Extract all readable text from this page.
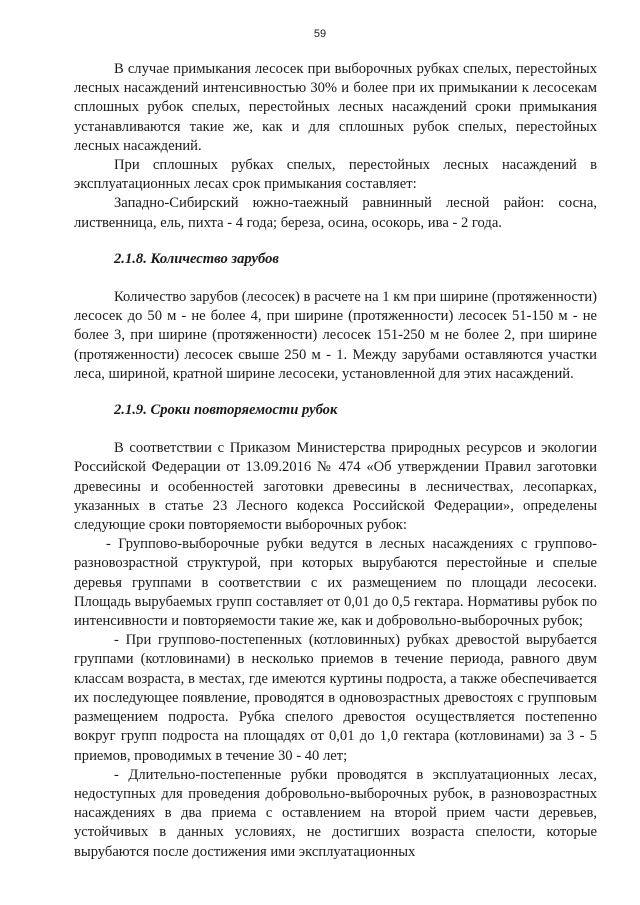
59

В случае примыкания лесосек при выборочных рубках спелых, перестойных лесных насаждений интенсивностью 30% и более при их примыкании к лесосекам сплошных рубок спелых, перестойных лесных насаждений сроки примыкания устанавливаются такие же, как и для сплошных рубок спелых, перестойных лесных насаждений.

При сплошных рубках спелых, перестойных лесных насаждений в эксплуатационных лесах срок примыкания составляет:

Западно-Сибирский южно-таежный равнинный лесной район: сосна, лиственница, ель, пихта - 4 года; береза, осина, осокорь, ива - 2 года.

2.1.8. Количество зарубов

Количество зарубов (лесосек) в расчете на 1 км при ширине (протяженности) лесосек до 50 м - не более 4, при ширине (протяженности) лесосек 51-150 м - не более 3, при ширине (протяженности) лесосек 151-250 м не более 2, при ширине (протяженности) лесосек свыше 250 м - 1. Между зарубами оставляются участки леса, шириной, кратной ширине лесосеки, установленной для этих насаждений.

2.1.9. Сроки повторяемости рубок

В соответствии с Приказом Министерства природных ресурсов и экологии Российской Федерации от 13.09.2016 № 474 «Об утверждении Правил заготовки древесины и особенностей заготовки древесины в лесничествах, лесопарках, указанных в статье 23 Лесного кодекса Российской Федерации», определены следующие сроки повторяемости выборочных рубок:

- Групповo-выборочные рубки ведутся в лесных насаждениях с групповo-разновозрастной структурой, при которых вырубаются перестойные и спелые деревья группами в соответствии с их размещением по площади лесосеки. Площадь вырубаемых групп составляет от 0,01 до 0,5 гектара. Нормативы рубок по интенсивности и повторяемости такие же, как и добровольно-выборочных рубок;

- При группово-постепенных (котловинных) рубках древостой вырубается группами (котловинами) в несколько приемов в течение периода, равного двум классам возраста, в местах, где имеются куртины подроста, а также обеспечивается их последующее появление, проводятся в одновозрастных древостоях с групповым размещением подроста. Рубка спелого древостоя осуществляется постепенно вокруг групп подроста на площадях от 0,01 до 1,0 гектара (котловинами) за 3 - 5 приемов, проводимых в течение 30 - 40 лет;

- Длительно-постепенные рубки проводятся в эксплуатационных лесах, недоступных для проведения добровольно-выборочных рубок, в разновозрастных насаждениях в два приема с оставлением на второй прием части деревьев, устойчивых в данных условиях, не достигших возраста спелости, которые вырубаются после достижения ими эксплуатационных
